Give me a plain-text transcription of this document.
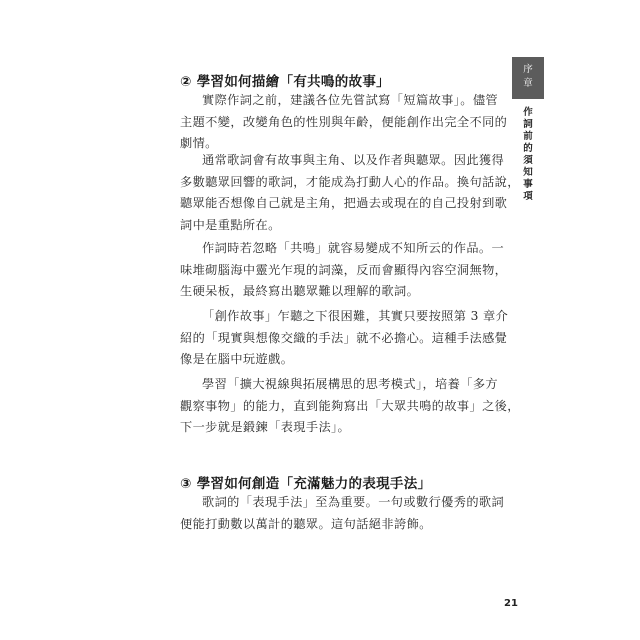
② 學習如何描繪「有共鳴的故事」
實際作詞之前，建議各位先嘗試寫「短篇故事」。儘管
主題不變，改變角色的性別與年齡，便能創作出完全不同的
劇情。
通常歌詞會有故事與主角、以及作者與聽眾。因此獲得
多數聽眾回響的歌詞，才能成為打動人心的作品。換句話說，
聽眾能否想像自己就是主角，把過去或現在的自己投射到歌
詞中是重點所在。
作詞時若忽略「共鳴」就容易變成不知所云的作品。一
味堆砌腦海中靈光乍現的詞藻，反而會顯得內容空洞無物，
生硬呆板，最終寫出聽眾難以理解的歌詞。
「創作故事」乍聽之下很困難，其實只要按照第 3 章介
紹的「現實與想像交織的手法」就不必擔心。這種手法感覺
像是在腦中玩遊戲。
學習「擴大視線與拓展構思的思考模式」，培養「多方
觀察事物」的能力，直到能夠寫出「大眾共鳴的故事」之後，
下一步就是鍛鍊「表現手法」。
③ 學習如何創造「充滿魅力的表現手法」
歌詞的「表現手法」至為重要。一句或數行優秀的歌詞
便能打動數以萬計的聽眾。這句話絕非誇飾。
序
章
作
詞
前
的
須
知
事
項
21
